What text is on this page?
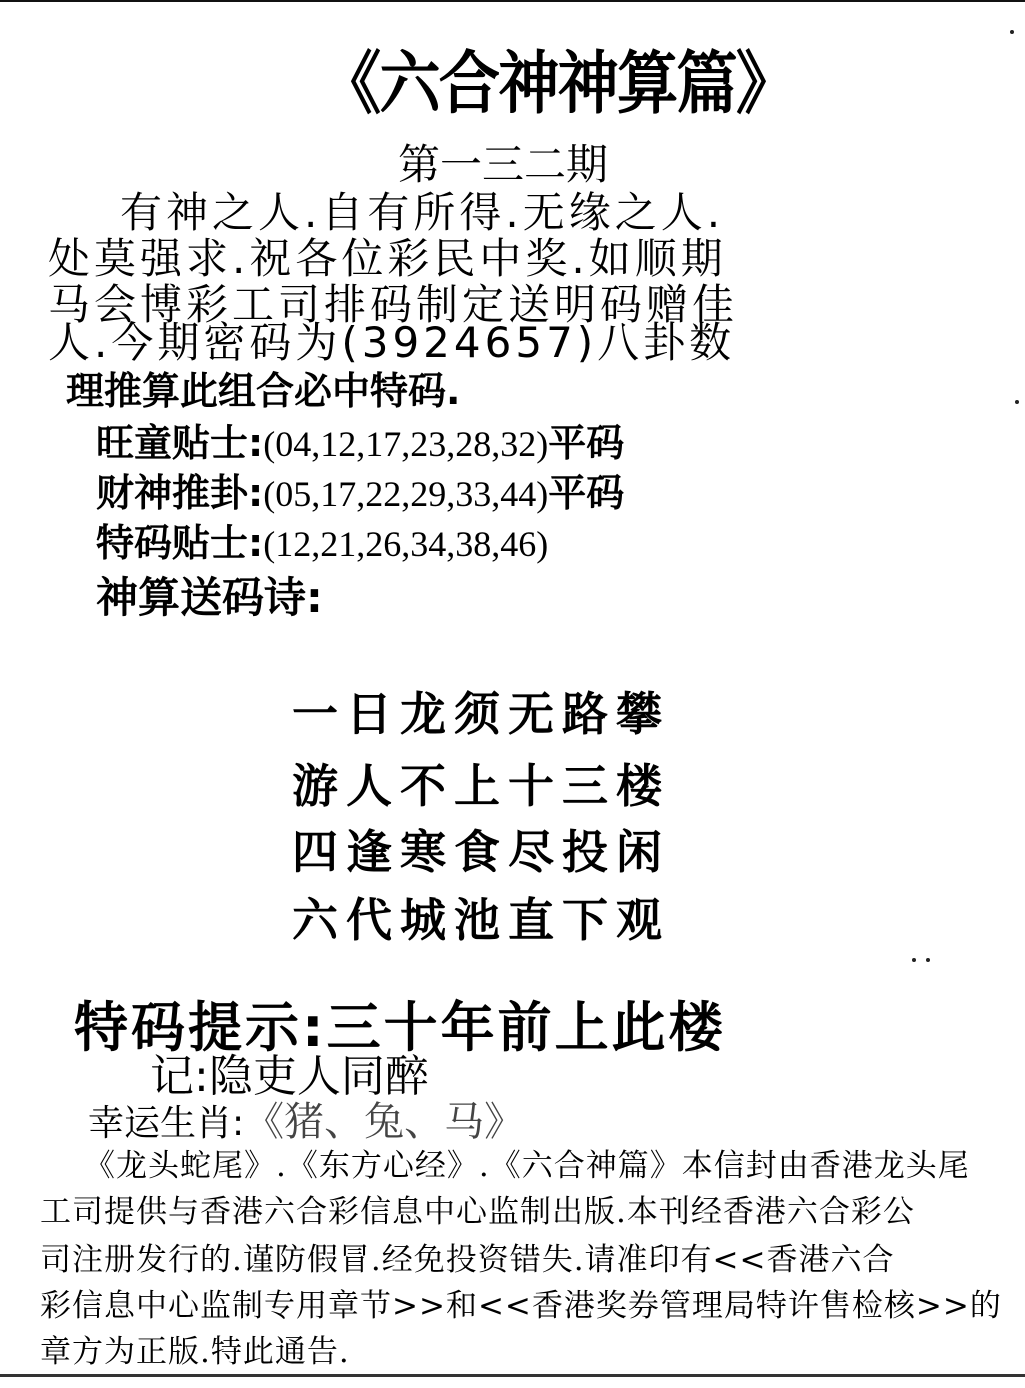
《六合神神算篇》
第一三二期
有神之人.自有所得.无缘之人.
处莫强求.祝各位彩民中奖.如顺期
马会博彩工司排码制定送明码赠佳
人.今期密码为(3924657)八卦数
理推算此组合必中特码.
旺童贴士:(04,12,17,23,28,32)平码
财神推卦:(05,17,22,29,33,44)平码
特码贴士:(12,21,26,34,38,46)
神算送码诗:
一日龙须无路攀
游人不上十三楼
四逢寒食尽投闲
六代城池直下观
特码提示:三十年前上此楼
记:隐吏人同醉
幸运生肖:《猪、兔、马》
《龙头蛇尾》.《东方心经》.《六合神篇》本信封由香港龙头尾
工司提供与香港六合彩信息中心监制出版.本刊经香港六合彩公
司注册发行的.谨防假冒.经免投资错失.请准印有<<香港六合
彩信息中心监制专用章节>>和<<香港奖券管理局特许售检核>>的
章方为正版.特此通告.
